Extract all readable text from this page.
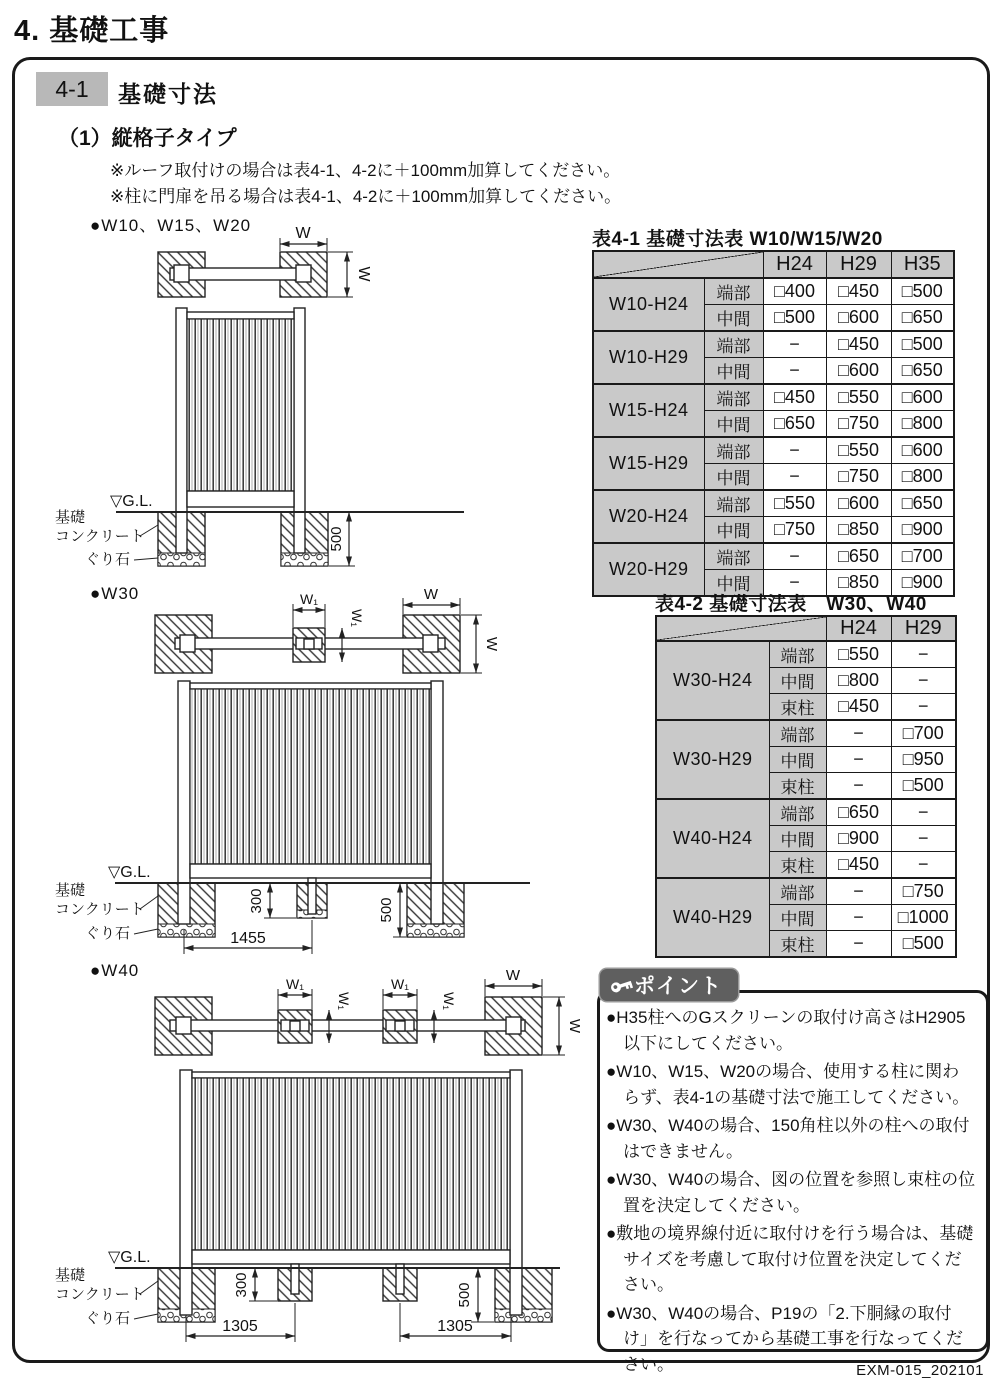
4. 基礎工事
4-1	基礎寸法
（1）縦格子タイプ
※ルーフ取付けの場合は表4-1、4-2に＋100mm加算してください。
※柱に門扉を吊る場合は表4-1、4-2に＋100mm加算してください。
●W10、W15、W20
●W30
●W40
W
W
▽G.L.
500
基礎
コンクリート
ぐり石
W₁
W₁
W
W
▽G.L.
300	500
1455
基礎
コンクリート
ぐり石
W₁
W₁
W₁
W₁
W
W
▽G.L.
300	500
1305	1305
基礎
コンクリート
ぐり石
表4-1 基礎寸法表 W10/W15/W20
		H24	H29	H35
W10-H24	端部	□400	□450	□500
	中間	□500	□600	□650
W10-H29	端部	−	□450	□500
	中間	−	□600	□650
W15-H24	端部	□450	□550	□600
	中間	□650	□750	□800
W15-H29	端部	−	□550	□600
	中間	−	□750	□800
W20-H24	端部	□550	□600	□650
	中間	□750	□850	□900
W20-H29	端部	−	□650	□700
	中間	−	□850	□900
表4-2 基礎寸法表　W30、W40
		H24	H29
W30-H24	端部	□550	−
	中間	□800	−
	束柱	□450	−
W30-H29	端部	−	□700
	中間	−	□950
	束柱	−	□500
W40-H24	端部	□650	−
	中間	□900	−
	束柱	□450	−
W40-H29	端部	−	□750
	中間	−	□1000
	束柱	−	□500
ポイント
●H35柱へのGスクリーンの取付け高さはH2905以下にしてください。
●W10、W15、W20の場合、使用する柱に関わらず、表4-1の基礎寸法で施工してください。
●W30、W40の場合、150角柱以外の柱への取付はできません。
●W30、W40の場合、図の位置を参照し束柱の位置を決定してください。
●敷地の境界線付近に取付けを行う場合は、基礎サイズを考慮して取付け位置を決定してください。
●W30、W40の場合、P19の「2.下胴縁の取付け」を行なってから基礎工事を行なってください。	EXM-015_202101
